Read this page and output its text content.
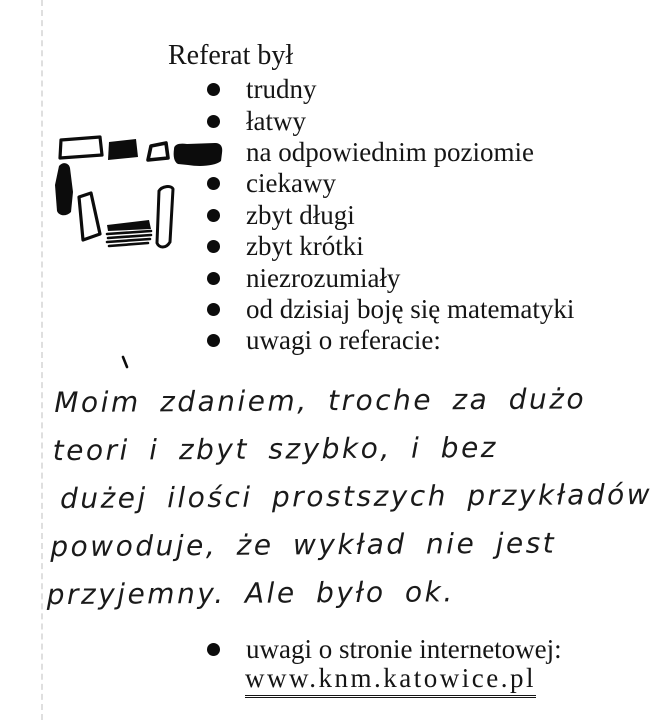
Referat był
trudny
łatwy
na odpowiednim poziomie
ciekawy
zbyt długi
zbyt krótki
niezrozumiały
od dzisiaj boję się matematyki
uwagi o referacie:
Moim zdaniem, troche za dużo
teori i zbyt szybko, i bez
dużej ilości prostszych przykładów
powoduje, że wykład nie jest
przyjemny. Ale było ok.
uwagi o stronie internetowej:
www.knm.katowice.pl
